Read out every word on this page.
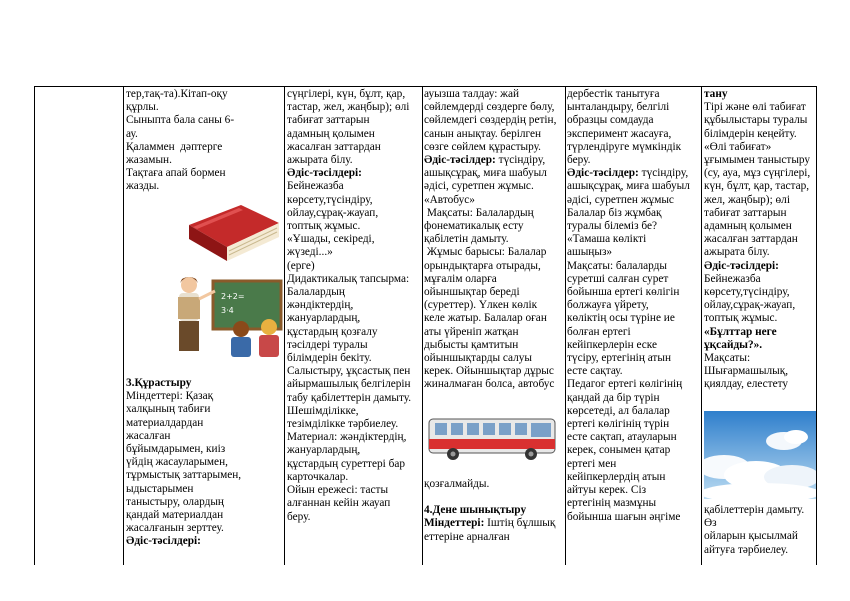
тер,тақ-та).Кітап-оқу

құрлы.

Сыныпта бала саны 6-

ау.

Қаламмен  дәптерге

жазамын.

Тақтаға апай бормен

жазды.

3.Құрастыру

Міндеттері: Қазақ

халқының табиғи

материалдардан

жасалған

бұйымдарымен, киіз

үйдің жасауларымен,

тұрмыстық заттарымен,

ыдыстарымен

таныстыру, олардың

қандай материалдан

жасалғанын зерттеу.

Әдіс-тәсілдері:

2+2=
3·4

сүңгілері, күн, бұлт, қар,

тастар, жел, жаңбыр); өлі

табиғат заттарын

адамның қолымен

жасалған заттардан

ажырата білу.

Әдіс-тәсілдері:

Бейнежазба

көрсету,түсіндіру,

ойлау,сұрақ-жауап,

топтық жұмыс.

«Ұшады, секіреді,

жүзеді...»

(ерге)

Дидактикалық тапсырма:

Балалардың

жәндіктердің,

жануарлардың,

құстардың қозғалу

тәсілдері туралы

білімдерін бекіту.

Салыстыру, ұқсастық пен

айырмашылық белгілерін

табу қабілеттерін дамыту.

Шешімділікке,

тезімділікке тәрбиелеу.

Материал: жәндіктердің,

жануарлардың,

құстардың суреттері бар

карточкалар.

Ойын ережесі: тасты

алғаннан кейін жауап

беру.

ауызша талдау: жай

сөйлемдерді сөздерге бөлу,

сөйлемдегі сөздердің ретін,

санын анықтау. берілген

сөзге сөйлем құрастыру.

Әдіс-тәсілдер: түсіндіру,

ашықсұрақ, миға шабуыл

әдісі, суретпен жұмыс.

«Автобус»

Мақсаты: Балалардың

фонематикалық есту

қабілетін дамыту.

Жұмыс барысы: Балалар

орындықтарға отырады,

мұғалім оларға

ойыншықтар береді

(суреттер). Үлкен көлік

келе жатыр. Балалар оған

аты үйреніп жатқан

дыбысты қамтитын

ойыншықтарды салуы

керек. Ойыншықтар дұрыс

жиналмаған болса, автобус

қозғалмайды.

4.Дене шынықтыру

Міндеттері: Іштің бұлшық

еттеріне арналған

дербестік танытуға

ынталандыру, белгілі

образцы сомдауда

эксперимент жасауға,

түрлендіруге мүмкіндік

беру.

Әдіс-тәсілдер: түсіндіру,

ашықсұрақ, миға шабуыл

әдісі, суретпен жұмыс

Балалар біз жұмбақ

туралы білеміз бе?

«Тамаша көлікті

ашыңыз»

Мақсаты: балаларды

суретші салған сурет

бойынша ертегі көлігін

болжауға үйрету,

көліктің осы түріне ие

болған ертегі

кейіпкерлерін еске

түсіру, ертегінің атын

есте сақтау.

Педагог ертегі көлігінің

қандай да бір түрін

көрсетеді, ал балалар

ертегі көлігінің түрін

есте сақтап, атауларын

керек, сонымен қатар

ертегі мен

кейіпкерлердің атын

айтуы керек. Сіз

ертегінің мазмұны

бойынша шағын әңгіме

тану

Тірі және өлі табиғат

құбылыстары туралы

білімдерін кеңейту.

«Өлі табиғат»

ұғымымен таныстыру

(су, ауа, мұз сүңгілері,

күн, бұлт, қар, тастар,

жел, жаңбыр); өлі

табиғат заттарын

адамның қолымен

жасалған заттардан

ажырата білу.

Әдіс-тәсілдері:

Бейнежазба

көрсету,түсіндіру,

ойлау,сұрақ-жауап,

топтық жұмыс.

«Бұлттар неге

ұқсайды?».

Мақсаты:

Шығармашылық,

қиялдау, елестету

қабілеттерін дамыту. Өз

ойларын қысылмай

айтуға тәрбиелеу.
